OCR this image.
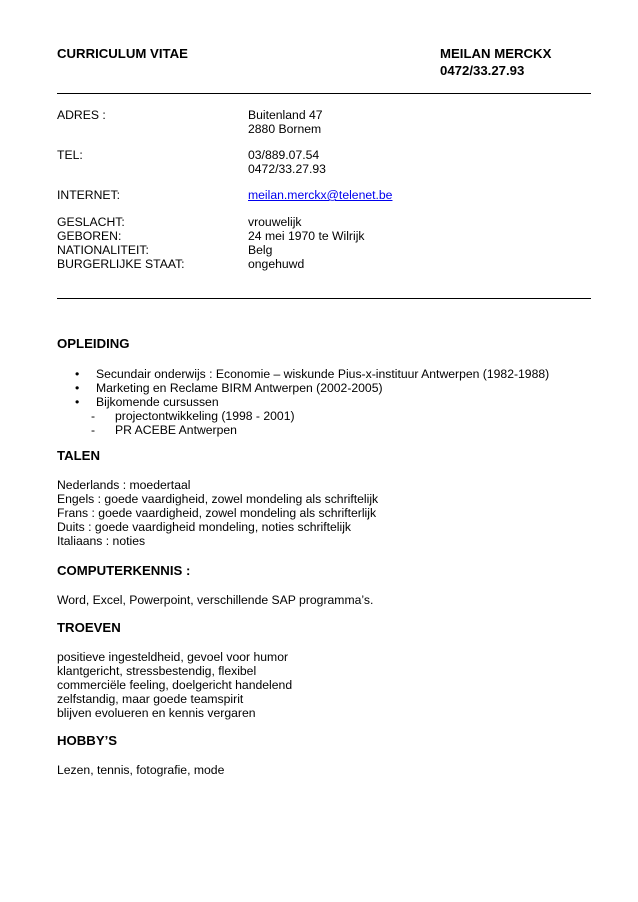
CURRICULUM VITAE	MEILAN MERCKX
0472/33.27.93
ADRES :	Buitenland 47
2880 Bornem
TEL:	03/889.07.54
0472/33.27.93
INTERNET:	meilan.merckx@telenet.be
GESLACHT:	vrouwelijk
GEBOREN:	24 mei 1970 te Wilrijk
NATIONALITEIT:	Belg
BURGERLIJKE STAAT:	ongehuwd
OPLEIDING
• Secundair onderwijs : Economie – wiskunde Pius-x-instituur Antwerpen (1982-1988)
• Marketing en Reclame BIRM Antwerpen (2002-2005)
• Bijkomende cursussen
- projectontwikkeling (1998 - 2001)
- PR ACEBE Antwerpen
TALEN
Nederlands : moedertaal
Engels : goede vaardigheid, zowel mondeling als schriftelijk
Frans : goede vaardigheid, zowel mondeling als schrifterlijk
Duits : goede vaardigheid mondeling, noties schriftelijk
Italiaans : noties
COMPUTERKENNIS :
Word, Excel, Powerpoint, verschillende SAP programma’s.
TROEVEN
positieve ingesteldheid, gevoel voor humor
klantgericht, stressbestendig, flexibel
commerciële feeling, doelgericht handelend
zelfstandig, maar goede teamspirit
blijven evolueren en kennis vergaren
HOBBY’S
Lezen, tennis, fotografie, mode
